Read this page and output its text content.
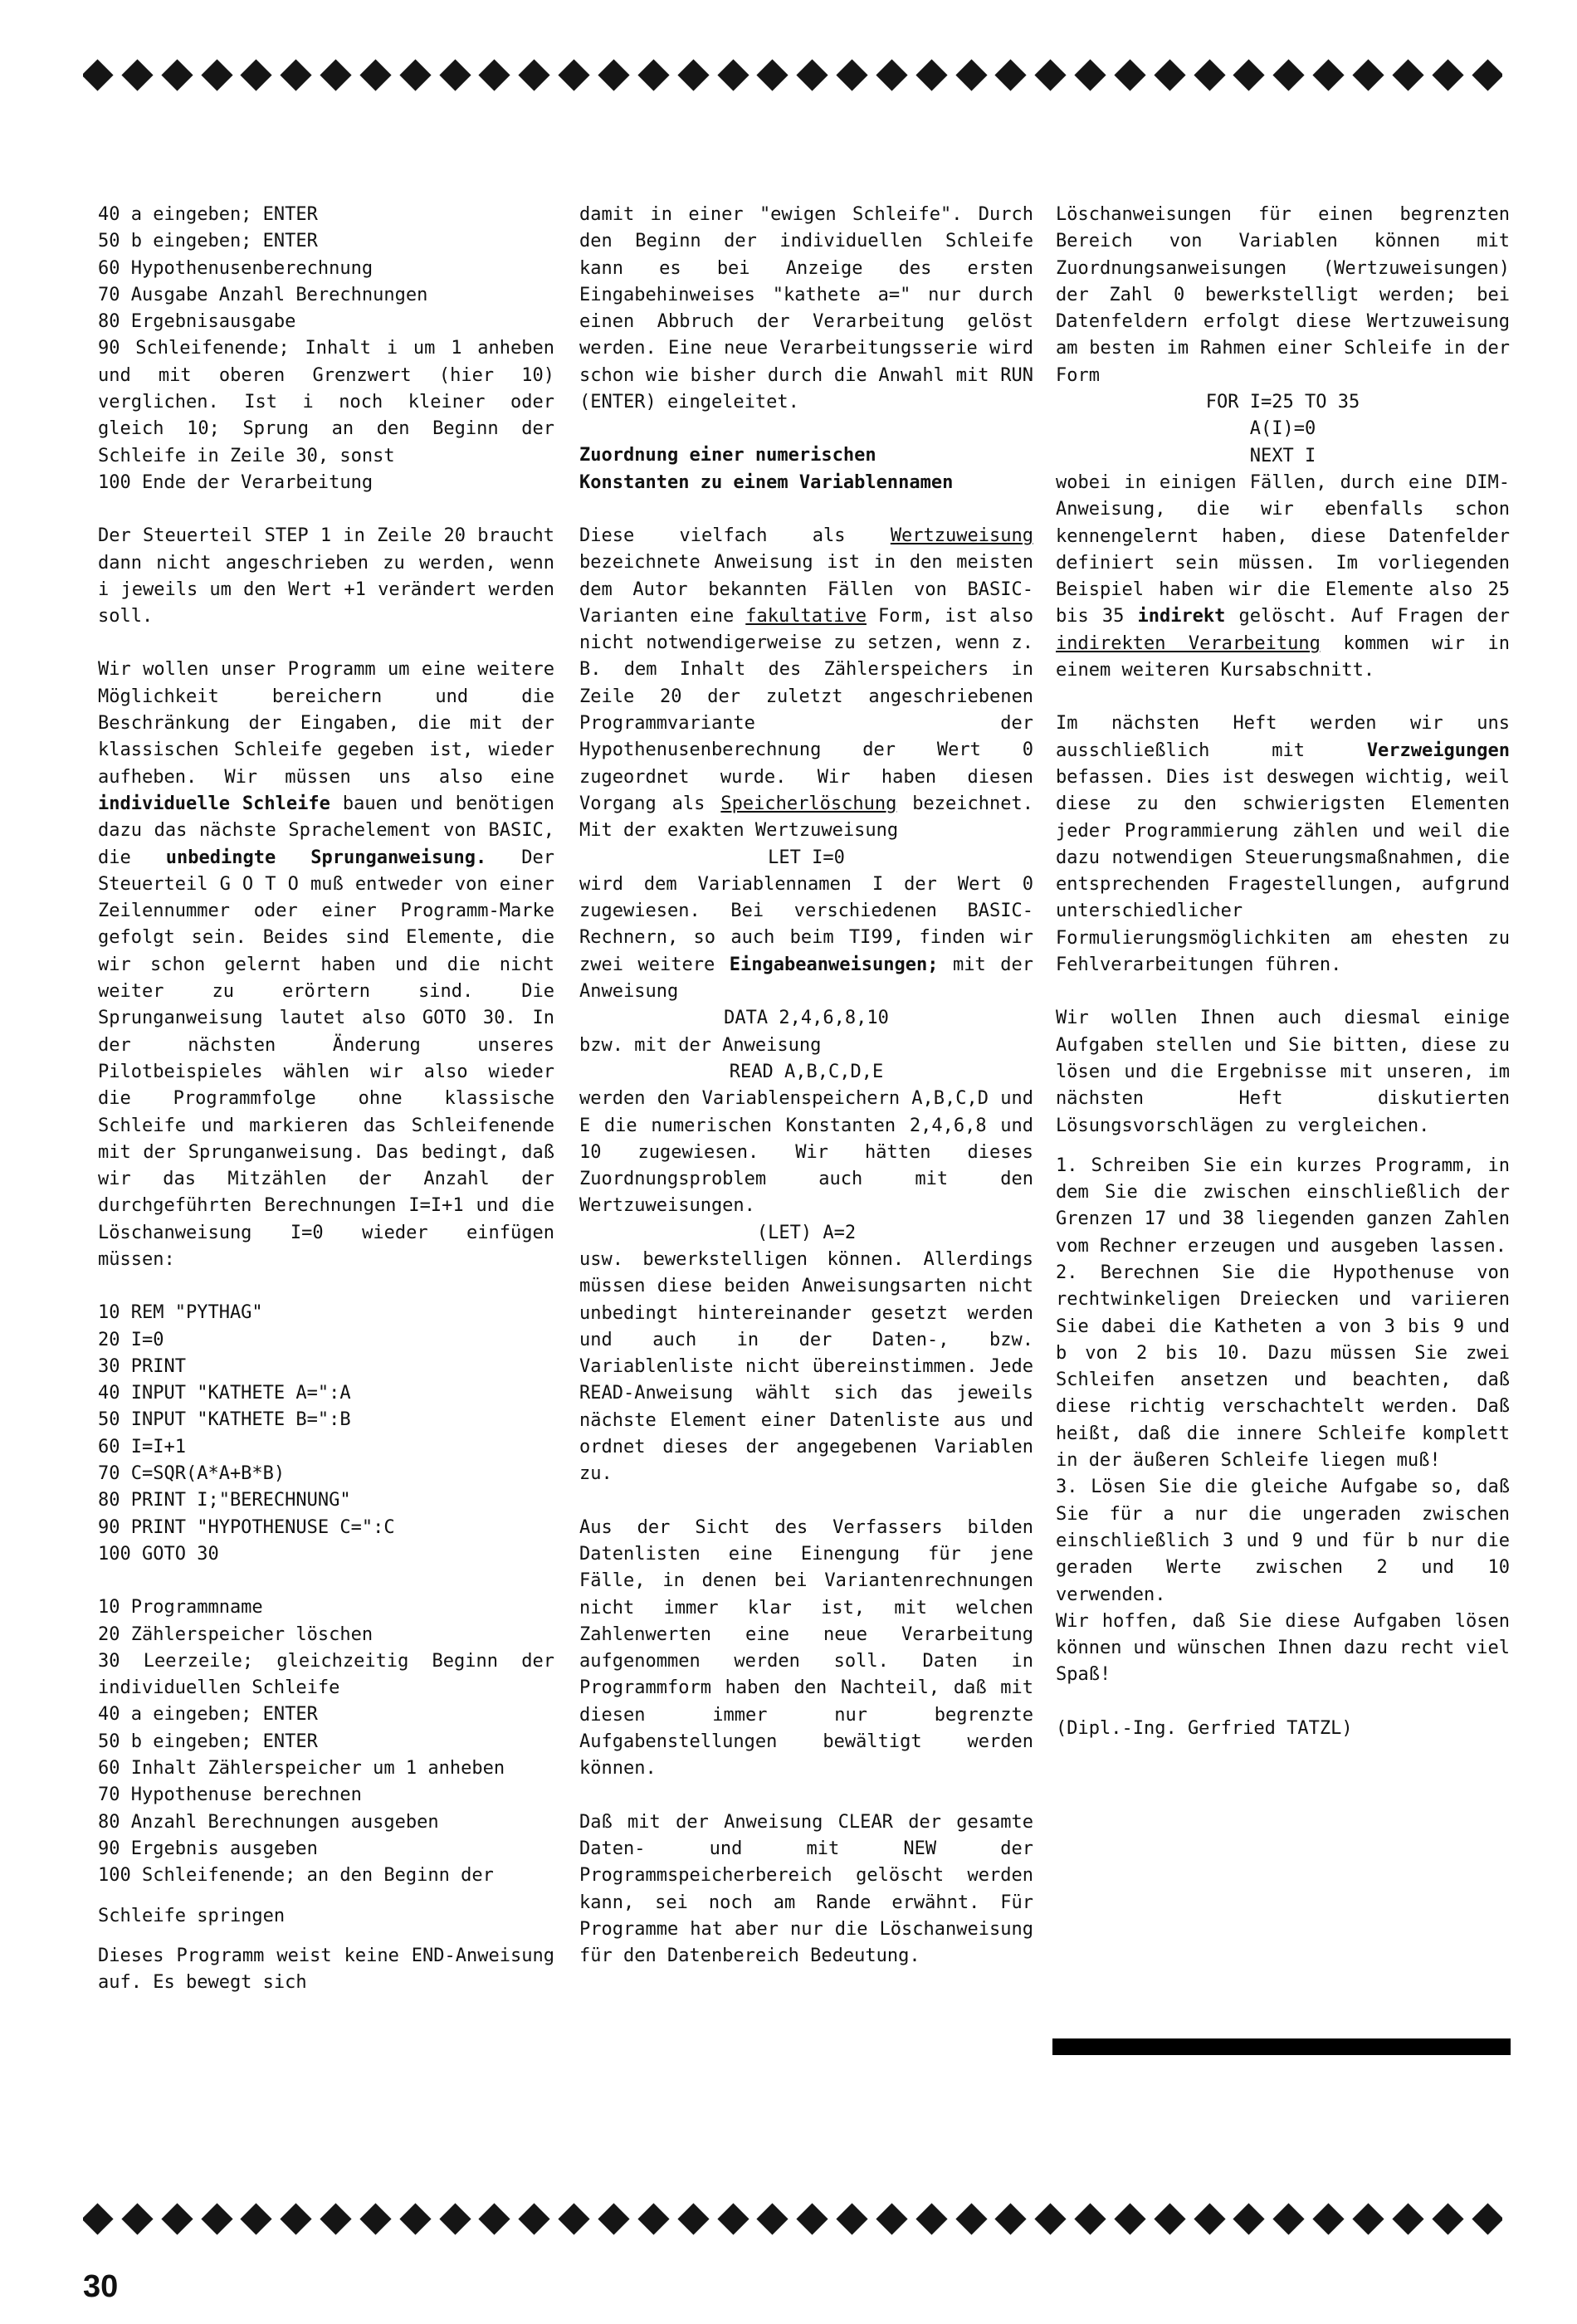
40 a eingeben; ENTER
50 b eingeben; ENTER
60 Hypothenusenberechnung
70 Ausgabe Anzahl Berechnungen
80 Ergebnisausgabe

90 Schleifenende; Inhalt i um 1 anheben und mit oberen Grenzwert (hier 10) verglichen. Ist i noch kleiner oder gleich 10; Sprung an den Beginn der Schleife in Zeile 30, sonst

100 Ende der Verarbeitung

Der Steuerteil STEP 1 in Zeile 20 braucht dann nicht angeschrieben zu werden, wenn i jeweils um den Wert +1 verändert werden soll.

Wir wollen unser Programm um eine weitere Möglichkeit bereichern und die Beschränkung der Eingaben, die mit der klassischen Schleife gegeben ist, wieder aufheben. Wir müssen uns also eine individuelle Schleife bauen und benötigen dazu das nächste Sprachelement von BASIC, die unbedingte Sprunganweisung. Der Steuerteil G O T O muß entweder von einer Zeilennummer oder einer Programm-Marke gefolgt sein. Beides sind Elemente, die wir schon gelernt haben und die nicht weiter zu erörtern sind. Die Sprunganweisung lautet also GOTO 30. In der nächsten Änderung unseres Pilotbeispieles wählen wir also wieder die Programmfolge ohne klassische Schleife und markieren das Schleifenende mit der Sprunganweisung. Das bedingt, daß wir das Mitzählen der Anzahl der durchgeführten Berechnungen I=I+1 und die Löschanweisung I=0 wieder einfügen müssen:

10 REM "PYTHAG"
20 I=0
30 PRINT
40 INPUT "KATHETE A=":A
50 INPUT "KATHETE B=":B
60 I=I+1
70 C=SQR(A*A+B*B)
80 PRINT I;"BERECHNUNG"
90 PRINT "HYPOTHENUSE C=":C
100 GOTO 30
10 Programmname
20 Zählerspeicher löschen

30 Leerzeile; gleichzeitig Beginn der individuellen Schleife

40 a eingeben; ENTER
50 b eingeben; ENTER

60 Inhalt Zählerspeicher um 1 anheben

70 Hypothenuse berechnen
80 Anzahl Berechnungen ausgeben
90 Ergebnis ausgeben
100 Schleifenende; an den Beginn der
Schleife springen

Dieses Programm weist keine END-Anweisung auf. Es bewegt sich

damit in einer "ewigen Schleife". Durch den Beginn der individuellen Schleife kann es bei Anzeige des ersten Eingabehinweises "kathete a=" nur durch einen Abbruch der Verarbeitung gelöst werden. Eine neue Verarbeitungsserie wird schon wie bisher durch die Anwahl mit RUN (ENTER) eingeleitet.

Zuordnung einer numerischen
Konstanten zu einem Variablennamen

Diese vielfach als Wertzuweisung bezeichnete Anweisung ist in den meisten dem Autor bekannten Fällen von BASIC-Varianten eine fakultative Form, ist also nicht notwendigerweise zu setzen, wenn z. B. dem Inhalt des Zählerspeichers in Zeile 20 der zuletzt angeschriebenen Programmvariante der Hypothenusenberechnung der Wert 0 zugeordnet wurde. Wir haben diesen Vorgang als Speicherlöschung bezeichnet. Mit der exakten Wertzuweisung

LET I=0

wird dem Variablennamen I der Wert 0 zugewiesen. Bei verschiedenen BASIC-Rechnern, so auch beim TI99, finden wir zwei weitere Eingabeanweisungen; mit der Anweisung

DATA 2,4,6,8,10

bzw. mit der Anweisung

READ A,B,C,D,E

werden den Variablenspeichern A,B,C,D und E die numerischen Konstanten 2,4,6,8 und 10 zugewiesen. Wir hätten dieses Zuordnungsproblem auch mit den Wertzuweisungen.

(LET) A=2

usw. bewerkstelligen können. Allerdings müssen diese beiden Anweisungsarten nicht unbedingt hintereinander gesetzt werden und auch in der Daten-, bzw. Variablenliste nicht übereinstimmen. Jede READ-Anweisung wählt sich das jeweils nächste Element einer Datenliste aus und ordnet dieses der angegebenen Variablen zu.

Aus der Sicht des Verfassers bilden Datenlisten eine Einengung für jene Fälle, in denen bei Variantenrechnungen nicht immer klar ist, mit welchen Zahlenwerten eine neue Verarbeitung aufgenommen werden soll. Daten in Programmform haben den Nachteil, daß mit diesen immer nur begrenzte Aufgabenstellungen bewältigt werden können.

Daß mit der Anweisung CLEAR der gesamte Daten- und mit NEW der Programmspeicherbereich gelöscht werden kann, sei noch am Rande erwähnt. Für Programme hat aber nur die Löschanweisung für den Datenbereich Bedeutung.

Löschanweisungen für einen begrenzten Bereich von Variablen können mit Zuordnungsanweisungen (Wertzuweisungen) der Zahl 0 bewerkstelligt werden; bei Datenfeldern erfolgt diese Wertzuweisung am besten im Rahmen einer Schleife in der Form

FOR I=25 TO 35

A(I)=0

NEXT I

wobei in einigen Fällen, durch eine DIM-Anweisung, die wir ebenfalls schon kennengelernt haben, diese Datenfelder definiert sein müssen. Im vorliegenden Beispiel haben wir die Elemente also 25 bis 35 indirekt gelöscht. Auf Fragen der indirekten Verarbeitung kommen wir in einem weiteren Kursabschnitt.

Im nächsten Heft werden wir uns ausschließlich mit Verzweigungen befassen. Dies ist deswegen wichtig, weil diese zu den schwierigsten Elementen jeder Programmierung zählen und weil die dazu notwendigen Steuerungsmaßnahmen, die entsprechenden Fragestellungen, aufgrund unterschiedlicher Formulierungsmöglichkiten am ehesten zu Fehlverarbeitungen führen.

Wir wollen Ihnen auch diesmal einige Aufgaben stellen und Sie bitten, diese zu lösen und die Ergebnisse mit unseren, im nächsten Heft diskutierten Lösungsvorschlägen zu vergleichen.

1. Schreiben Sie ein kurzes Programm, in dem Sie die zwischen einschließlich der Grenzen 17 und 38 liegenden ganzen Zahlen vom Rechner erzeugen und ausgeben lassen.

2. Berechnen Sie die Hypothenuse von rechtwinkeligen Dreiecken und variieren Sie dabei die Katheten a von 3 bis 9 und b von 2 bis 10. Dazu müssen Sie zwei Schleifen ansetzen und beachten, daß diese richtig verschachtelt werden. Daß heißt, daß die innere Schleife komplett in der äußeren Schleife liegen muß!

3. Lösen Sie die gleiche Aufgabe so, daß Sie für a nur die ungeraden zwischen einschließlich 3 und 9 und für b nur die geraden Werte zwischen 2 und 10 verwenden.

Wir hoffen, daß Sie diese Aufgaben lösen können und wünschen Ihnen dazu recht viel Spaß!

(Dipl.-Ing. Gerfried TATZL)

30
